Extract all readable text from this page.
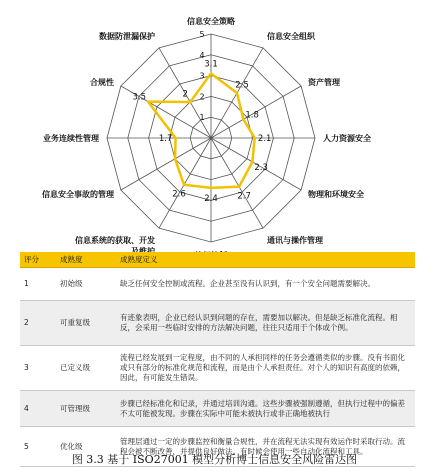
1
2
3
4
5
3.1
2.5
1.8
2.1
2.3
2.7
2.4
2.6
1.7
3.5	2
信息安全策略
信息安全组织
资产管理
人力资源安全
物理和环境安全
通讯与操作管理
信息系统的获取、开发
信息安全事故的管理
业务连续性管理
合规性
数据防泄漏保护
评分	成熟度	成熟度定义
1	初始级	缺乏任何安全控制或流程。企业甚至没有认识到，有一个安全问题需要解决。
2	可重复级	有迹象表明，企业已经认识到问题的存在，需要加以解决。但是缺乏标准化流程。相反，会采用一些临时安排的方法解决问题，往往只适用于个体或个例。
3	已定义级	流程已经发展到一定程度，由不同的人承担同样的任务会遵循类似的步骤。没有书面化或只有部分的标准化规范和流程，而是由个人承担责任。对个人的知识有高度的依赖，因此，有可能发生错误。
4	可管理级	步骤已经标准化和记录，并通过培训沟通。这些步骤被强制遵循，但执行过程中的偏差不太可能被发现。步骤在实际中可能未被执行或非正确地被执行
5	优化级	管理层通过一定的步骤监控和衡量合规性，并在流程无法实现有效运作时采取行动。流程会被不断改善，并提供良好做法。有时候会使用一些自动化流程和工具。
图 3.3 基于 ISO27001 模型分析博士信息安全风险雷达图
